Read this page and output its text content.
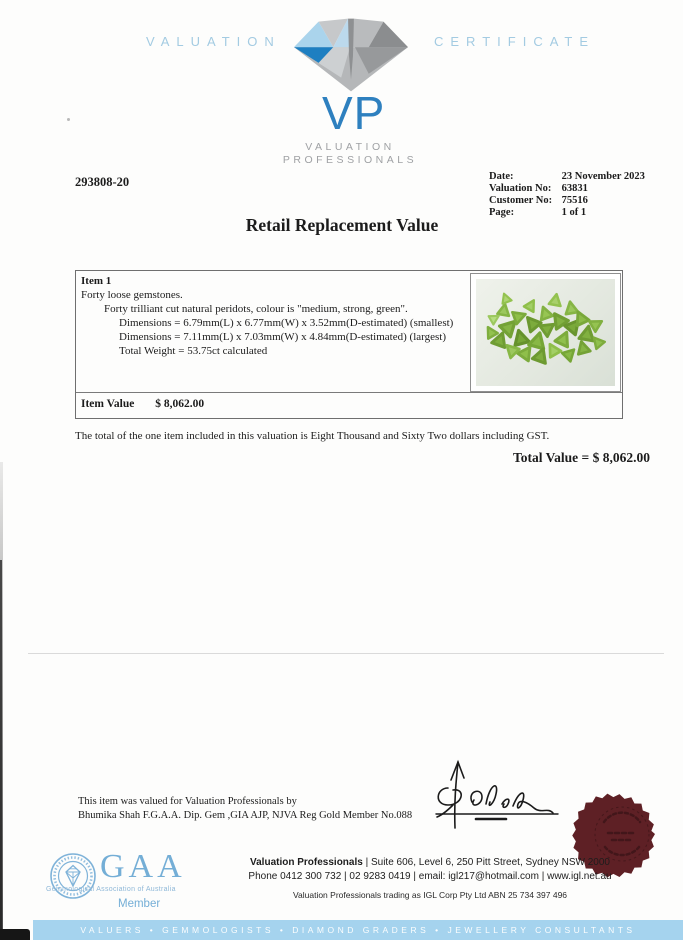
VALUATION	CERTIFICATE
VP
VALUATION
PROFESSIONALS
293808-20	Date:	23 November 2023
Valuation No: 63831
Customer No: 75516
Page:	1 of 1
Retail Replacement Value
Item 1
Forty loose gemstones.
Forty trilliant cut natural peridots, colour is "medium, strong, green".
Dimensions = 6.79mm(L) x 6.77mm(W) x 3.52mm(D-estimated) (smallest)
Dimensions = 7.11mm(L) x 7.03mm(W) x 4.84mm(D-estimated) (largest)
Total Weight = 53.75ct calculated
Item Value $ 8,062.00
The total of the one item included in this valuation is Eight Thousand and Sixty Two dollars including GST.
Total Value = $ 8,062.00
This item was valued for Valuation Professionals by
Bhumika Shah F.G.A.A. Dip. Gem ,GIA AJP, NJVA Reg Gold Member No.088
GAA
Gemmological Association of Australia
Member
Valuation Professionals | Suite 606, Level 6, 250 Pitt Street, Sydney NSW 2000
Phone 0412 300 732 | 02 9283 0419 | email: igl217@hotmail.com | www.igl.net.au
Valuation Professionals trading as IGL Corp Pty Ltd ABN 25 734 397 496
VALUERS • GEMMOLOGISTS • DIAMOND GRADERS • JEWELLERY CONSULTANTS
